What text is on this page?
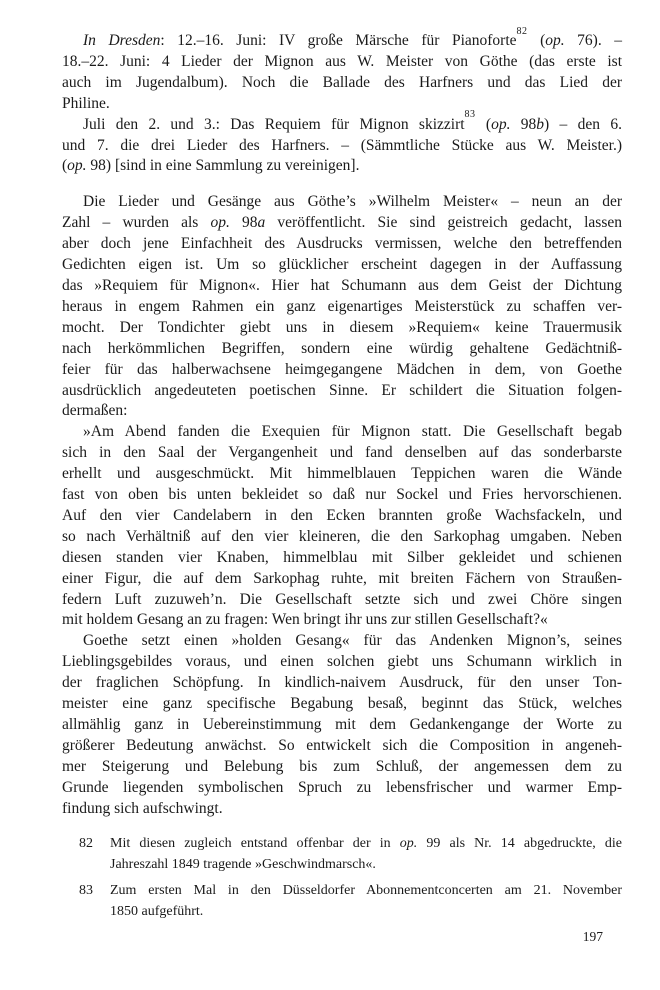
In Dresden: 12.–16. Juni: IV große Märsche für Pianoforte$^{82}$ (op. 76). –
18.–22. Juni: 4 Lieder der Mignon aus W. Meister von Göthe (das erste ist
auch im Jugendalbum). Noch die Ballade des Harfners und das Lied der
Philine.
Juli den 2. und 3.: Das Requiem für Mignon skizzirt$^{83}$ (op. 98b) – den 6.
und 7. die drei Lieder des Harfners. – (Sämmtliche Stücke aus W. Meister.)
(op. 98) [sind in eine Sammlung zu vereinigen].
Die Lieder und Gesänge aus Göthe’s »Wilhelm Meister« – neun an der
Zahl – wurden als op. 98a veröffentlicht. Sie sind geistreich gedacht, lassen
aber doch jene Einfachheit des Ausdrucks vermissen, welche den betreffenden
Gedichten eigen ist. Um so glücklicher erscheint dagegen in der Auffassung
das »Requiem für Mignon«. Hier hat Schumann aus dem Geist der Dichtung
heraus in engem Rahmen ein ganz eigenartiges Meisterstück zu schaffen ver-
mocht. Der Tondichter giebt uns in diesem »Requiem« keine Trauermusik
nach herkömmlichen Begriffen, sondern eine würdig gehaltene Gedächtniß-
feier für das halberwachsene heimgegangene Mädchen in dem, von Goethe
ausdrücklich angedeuteten poetischen Sinne. Er schildert die Situation folgen-
dermaßen:
»Am Abend fanden die Exequien für Mignon statt. Die Gesellschaft begab
sich in den Saal der Vergangenheit und fand denselben auf das sonderbarste
erhellt und ausgeschmückt. Mit himmelblauen Teppichen waren die Wände
fast von oben bis unten bekleidet so daß nur Sockel und Fries hervorschienen.
Auf den vier Candelabern in den Ecken brannten große Wachsfackeln, und
so nach Verhältniß auf den vier kleineren, die den Sarkophag umgaben. Neben
diesen standen vier Knaben, himmelblau mit Silber gekleidet und schienen
einer Figur, die auf dem Sarkophag ruhte, mit breiten Fächern von Straußen-
federn Luft zuzuweh’n. Die Gesellschaft setzte sich und zwei Chöre singen
mit holdem Gesang an zu fragen: Wen bringt ihr uns zur stillen Gesellschaft?«
Goethe setzt einen »holden Gesang« für das Andenken Mignon’s, seines
Lieblingsgebildes voraus, und einen solchen giebt uns Schumann wirklich in
der fraglichen Schöpfung. In kindlich-naivem Ausdruck, für den unser Ton-
meister eine ganz specifische Begabung besaß, beginnt das Stück, welches
allmählig ganz in Uebereinstimmung mit dem Gedankengange der Worte zu
größerer Bedeutung anwächst. So entwickelt sich die Composition in angeneh-
mer Steigerung und Belebung bis zum Schluß, der angemessen dem zu
Grunde liegenden symbolischen Spruch zu lebensfrischer und warmer Emp-
findung sich aufschwingt.
82	Mit diesen zugleich entstand offenbar der in op. 99 als Nr. 14 abgedruckte, die
Jahreszahl 1849 tragende »Geschwindmarsch«.
83	Zum ersten Mal in den Düsseldorfer Abonnementconcerten am 21. November
1850 aufgeführt.
197
